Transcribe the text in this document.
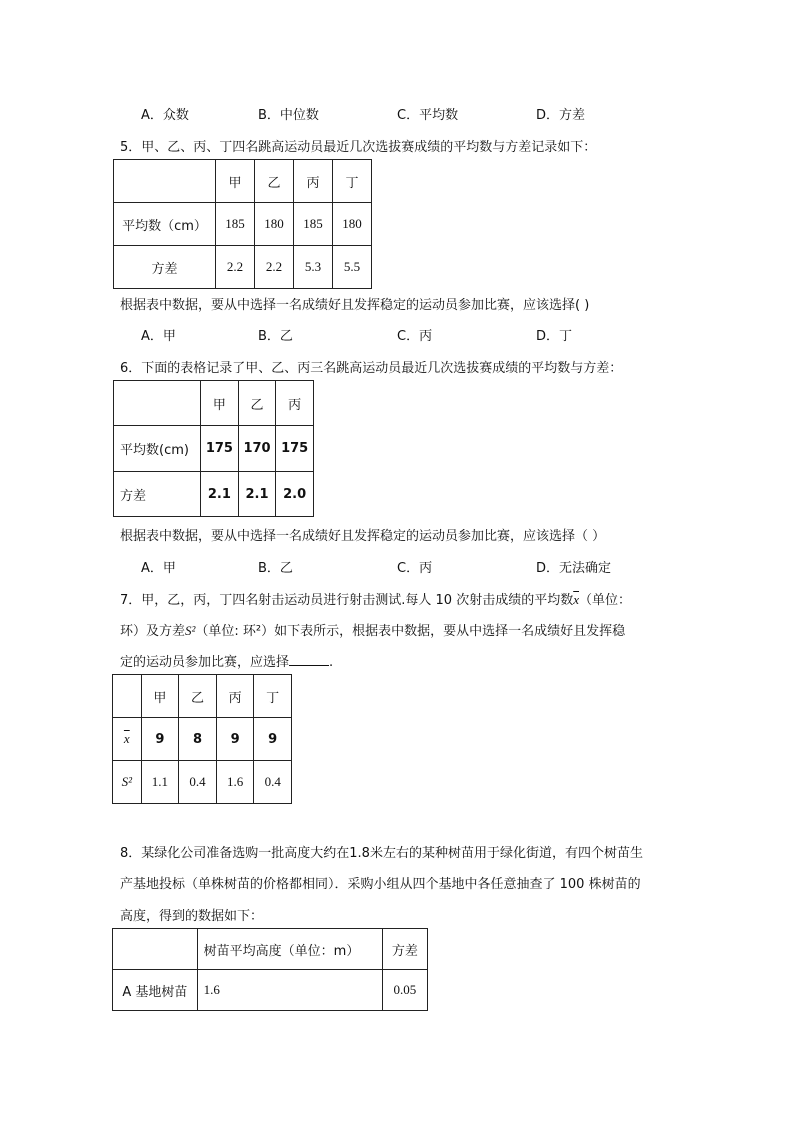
A．众数	B．中位数	C．平均数	D．方差
5．甲、乙、丙、丁四名跳高运动员最近几次选拔赛成绩的平均数与方差记录如下：
	甲	乙	丙	丁
平均数（cm）	185	180	185	180
方差	2.2	2.2	5.3	5.5
根据表中数据，要从中选择一名成绩好且发挥稳定的运动员参加比赛，应该选择( )
A．甲	B．乙	C．丙	D．丁
6．下面的表格记录了甲、乙、丙三名跳高运动员最近几次选拔赛成绩的平均数与方差：
	甲	乙	丙
平均数(cm)	175	170	175
方差	2.1	2.1	2.0
根据表中数据，要从中选择一名成绩好且发挥稳定的运动员参加比赛，应该选择（ ）
A．甲	B．乙	C．丙	D．无法确定
7．甲，乙，丙，丁四名射击运动员进行射击测试.每人 10 次射击成绩的平均数$\overline{x}$（单位：
环）及方差S²（单位: 环²）如下表所示，根据表中数据，要从中选择一名成绩好且发挥稳
定的运动员参加比赛，应选择	.
	甲	乙	丙	丁
$\overline{x}$	9	8	9	9
S²	1.1	0.4	1.6	0.4
8．某绿化公司准备选购一批高度大约在1.8米左右的某种树苗用于绿化街道，有四个树苗生
产基地投标（单株树苗的价格都相同）．采购小组从四个基地中各任意抽查了 100 株树苗的
高度，得到的数据如下：
	树苗平均高度（单位：m）	方差
A 基地树苗	1.6	0.05
